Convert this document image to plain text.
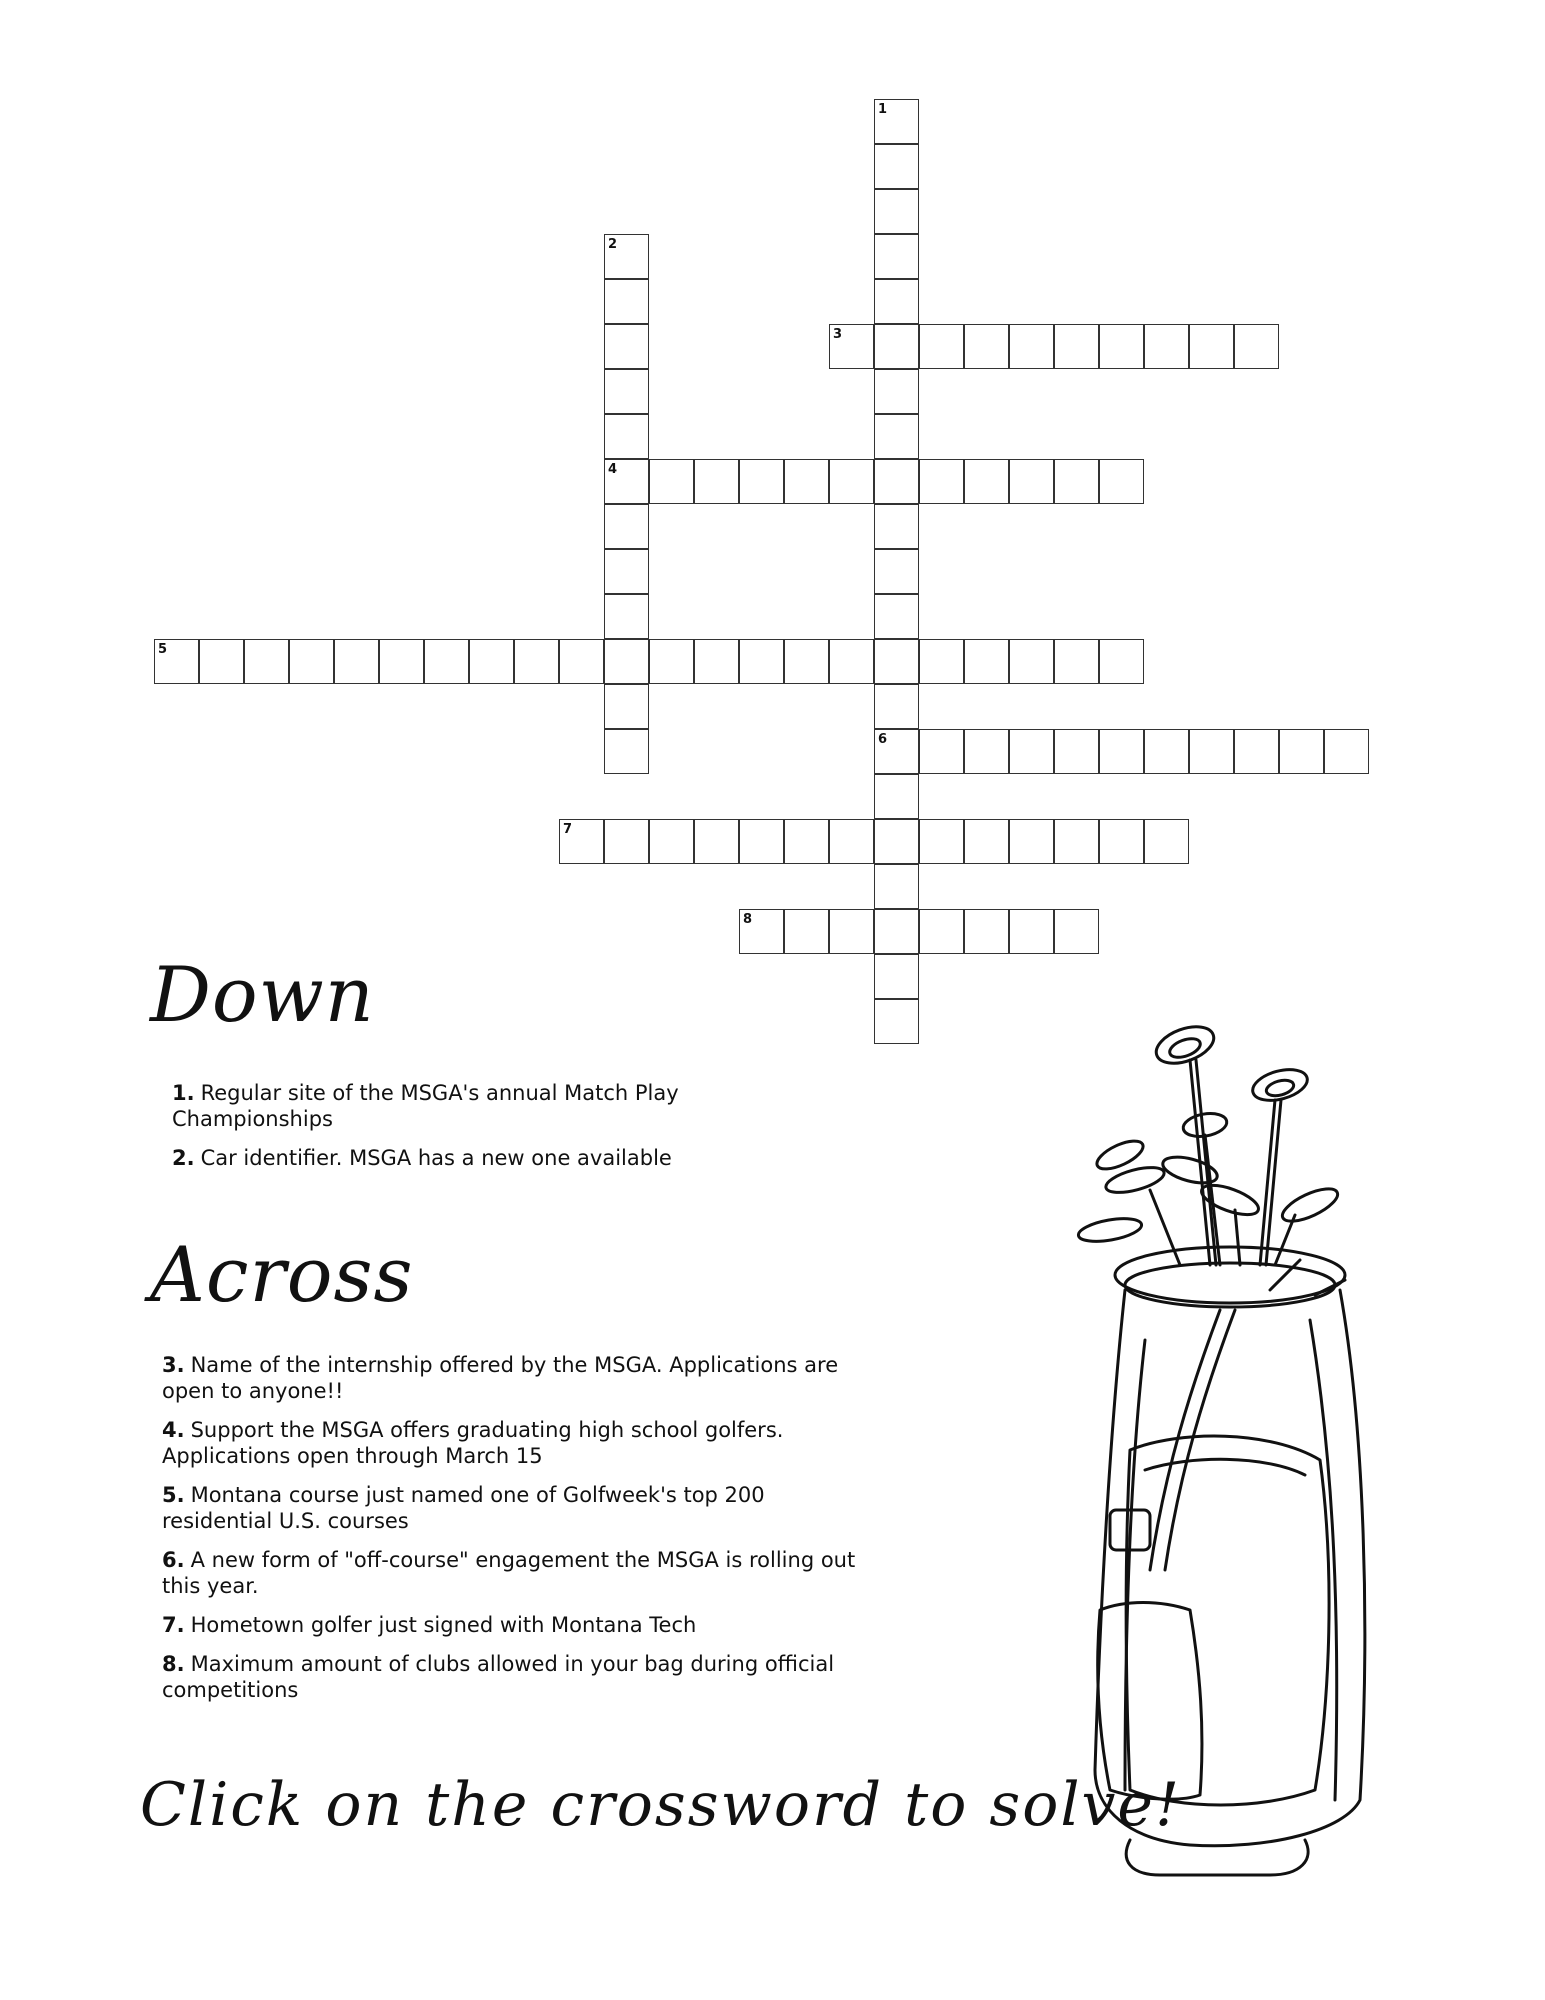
1
6
2
4
3
5
7
8
Down
1. Regular site of the MSGA's annual Match Play Championships
2. Car identifier. MSGA has a new one available
Across
3. Name of the internship offered by the MSGA. Applications are open to anyone!!
4. Support the MSGA offers graduating high school golfers. Applications open through March 15
5. Montana course just named one of Golfweek's top 200 residential U.S. courses
6. A new form of "off-course" engagement the MSGA is rolling out this year.
7. Hometown golfer just signed with Montana Tech
8. Maximum amount of clubs allowed in your bag during official competitions
Click on the crossword to solve!
